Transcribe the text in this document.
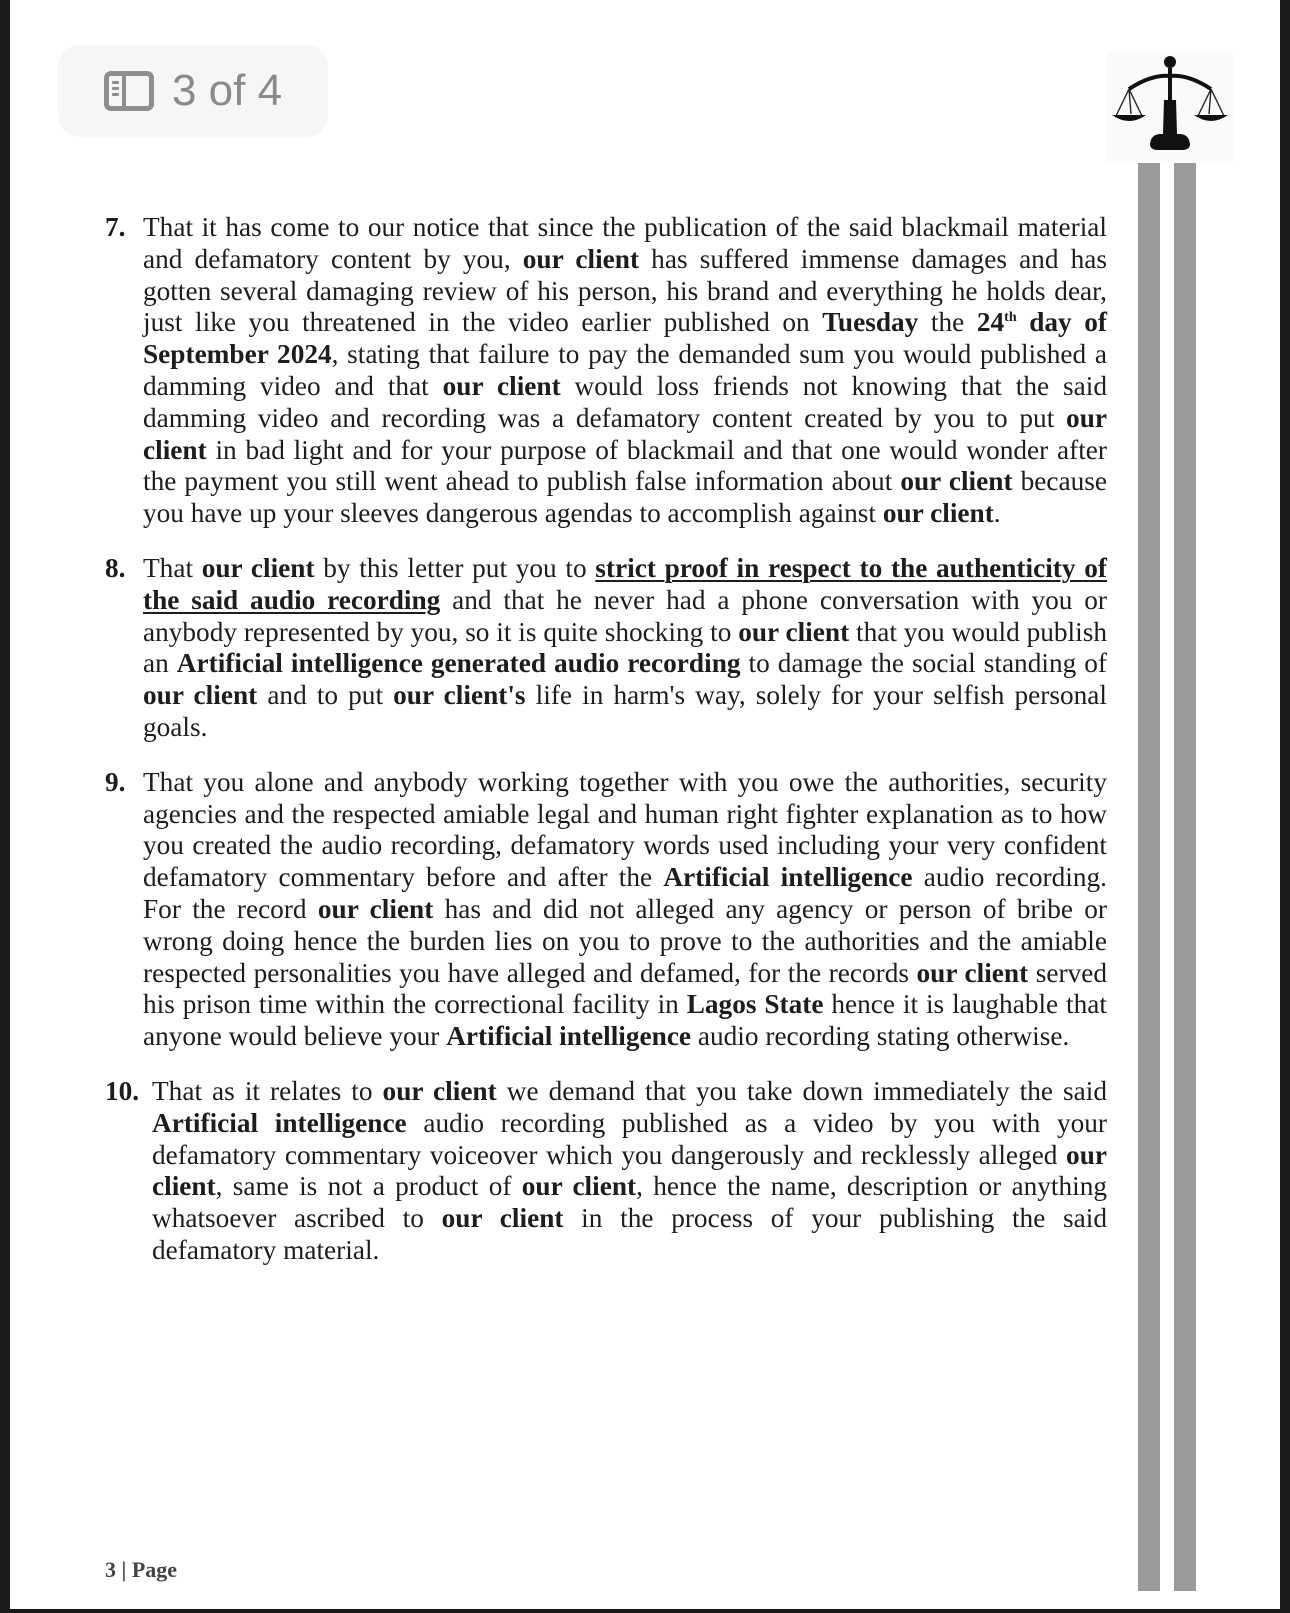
3 of 4
7. That it has come to our notice that since the publication of the said blackmail material and defamatory content by you, our client has suffered immense damages and has gotten several damaging review of his person, his brand and everything he holds dear, just like you threatened in the video earlier published on Tuesday the 24th day of September 2024, stating that failure to pay the demanded sum you would published a damming video and that our client would loss friends not knowing that the said damming video and recording was a defamatory content created by you to put our client in bad light and for your purpose of blackmail and that one would wonder after the payment you still went ahead to publish false information about our client because you have up your sleeves dangerous agendas to accomplish against our client.
8. That our client by this letter put you to strict proof in respect to the authenticity of the said audio recording and that he never had a phone conversation with you or anybody represented by you, so it is quite shocking to our client that you would publish an Artificial intelligence generated audio recording to damage the social standing of our client and to put our client's life in harm's way, solely for your selfish personal goals.
9. That you alone and anybody working together with you owe the authorities, security agencies and the respected amiable legal and human right fighter explanation as to how you created the audio recording, defamatory words used including your very confident defamatory commentary before and after the Artificial intelligence audio recording. For the record our client has and did not alleged any agency or person of bribe or wrong doing hence the burden lies on you to prove to the authorities and the amiable respected personalities you have alleged and defamed, for the records our client served his prison time within the correctional facility in Lagos State hence it is laughable that anyone would believe your Artificial intelligence audio recording stating otherwise.
10. That as it relates to our client we demand that you take down immediately the said Artificial intelligence audio recording published as a video by you with your defamatory commentary voiceover which you dangerously and recklessly alleged our client, same is not a product of our client, hence the name, description or anything whatsoever ascribed to our client in the process of your publishing the said defamatory material.
3 | Page
